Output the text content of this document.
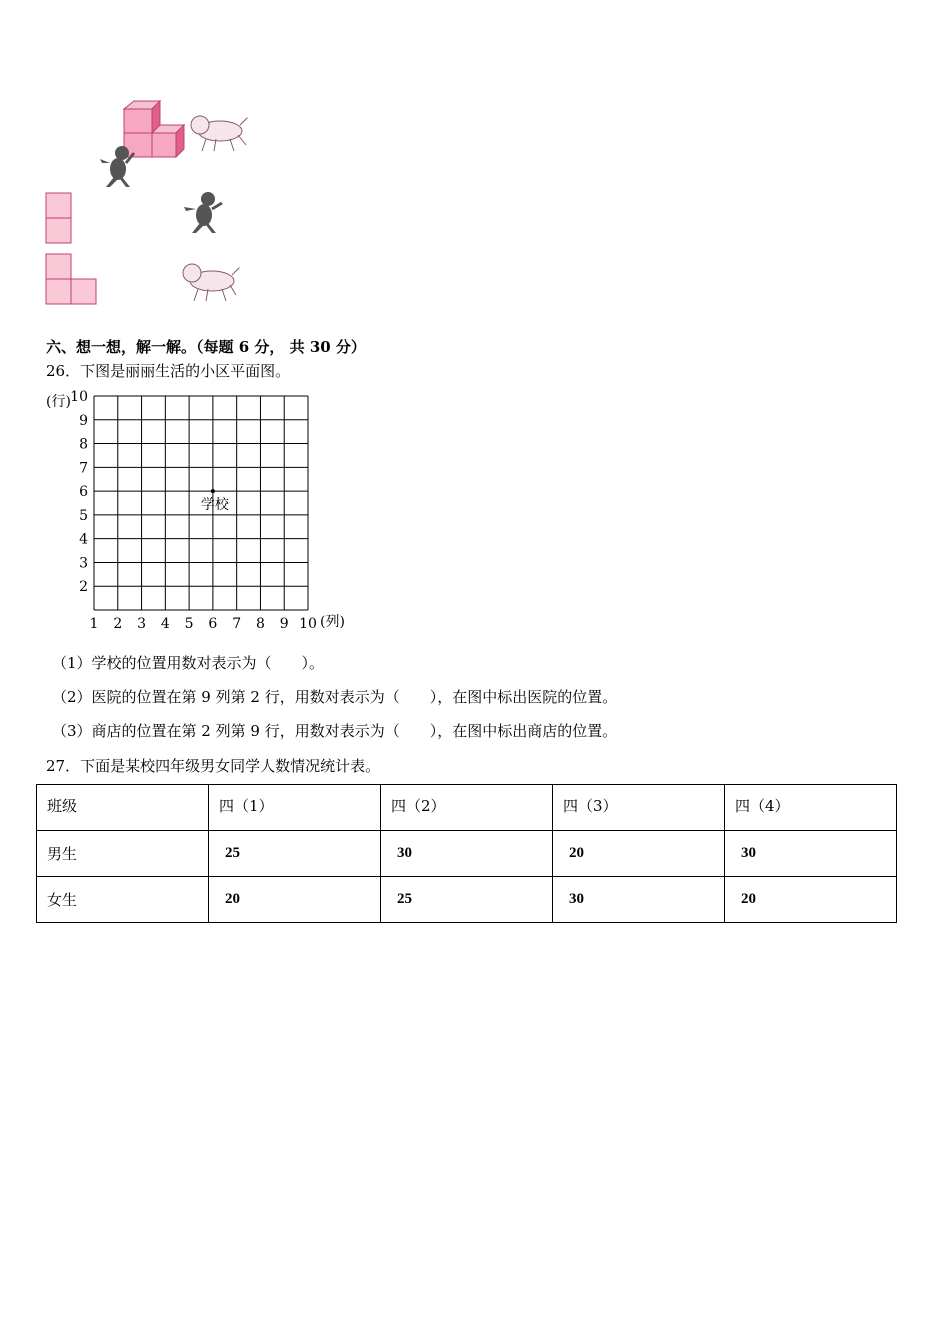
六、想一想，解一解。（每题 6 分， 共 30 分）
26．下图是丽丽生活的小区平面图。
(行)
(列)
10
9
8
7
6
5
4
3
2
1 2 3 4 5 6 7 8 9 10
学校
（1）学校的位置用数对表示为（　　）。
（2）医院的位置在第 9 列第 2 行，用数对表示为（　　），在图中标出医院的位置。
（3）商店的位置在第 2 列第 9 行，用数对表示为（　　），在图中标出商店的位置。
27．下面是某校四年级男女同学人数情况统计表。
班级	四（1）	四（2）	四（3）	四（4）
男生	25	30	20	30
女生	20	25	30	20
